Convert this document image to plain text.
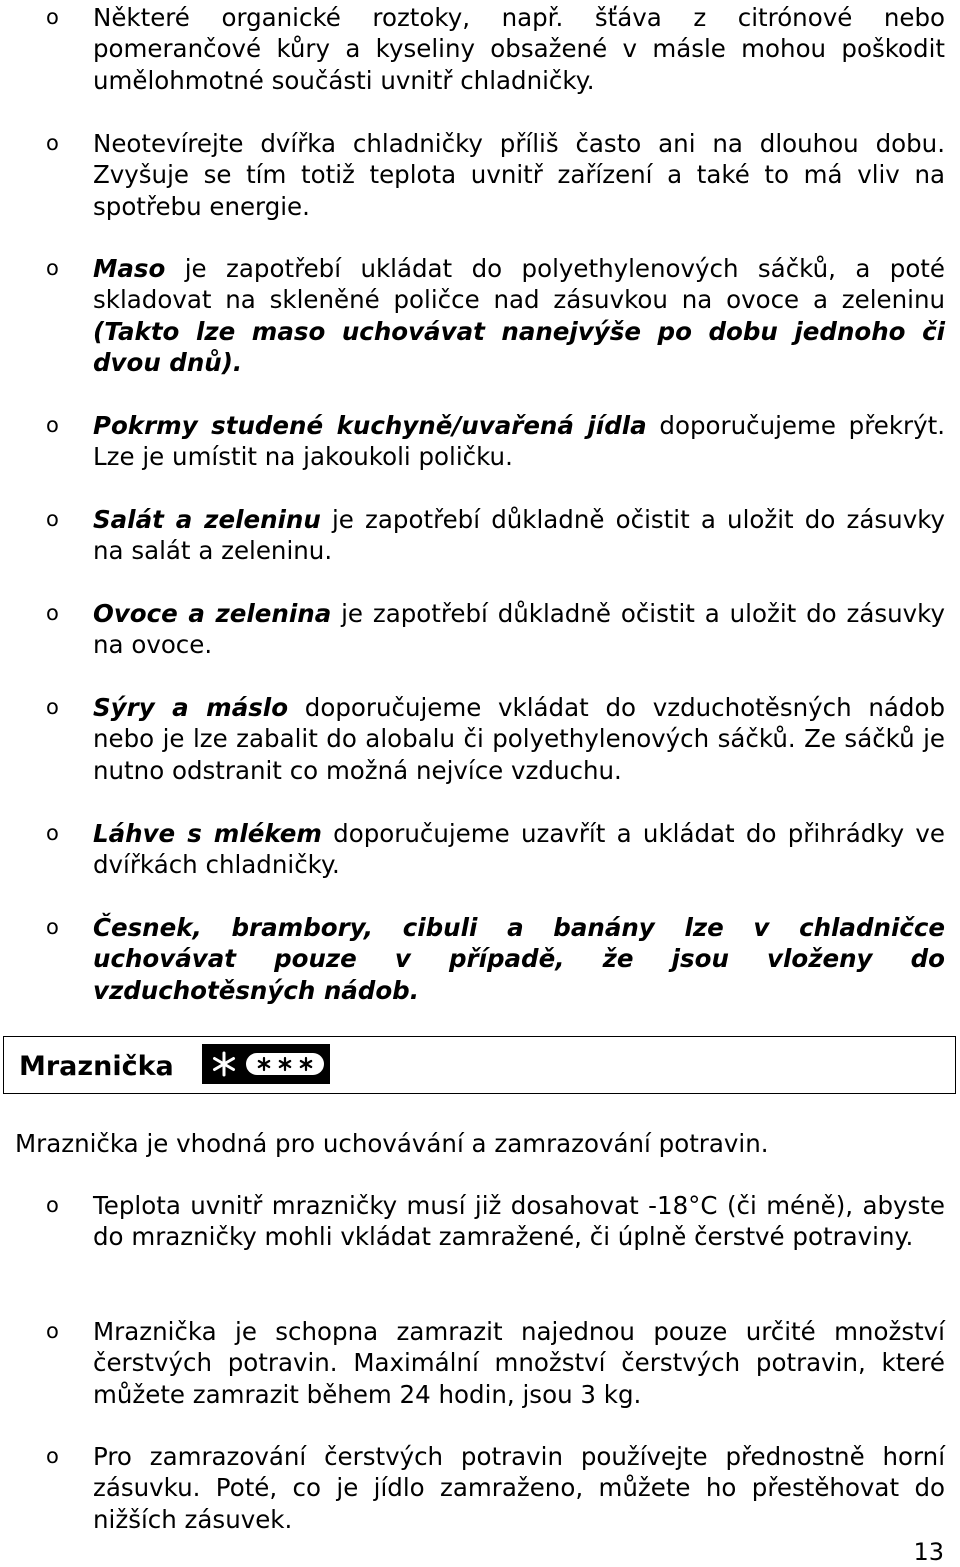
o Některé organické roztoky, např. šťáva z citrónové nebo pomerančové kůry a kyseliny obsažené v másle mohou poškodit umělohmotné součásti uvnitř chladničky.
o Neotevírejte dvířka chladničky příliš často ani na dlouhou dobu. Zvyšuje se tím totiž teplota uvnitř zařízení a také to má vliv na spotřebu energie.
o Maso je zapotřebí ukládat do polyethylenových sáčků, a poté skladovat na skleněné poličce nad zásuvkou na ovoce a zeleninu (Takto lze maso uchovávat nanejvýše po dobu jednoho či dvou dnů).
o Pokrmy studené kuchyně/uvařená jídla doporučujeme překrýt. Lze je umístit na jakoukoli poličku.
o Salát a zeleninu je zapotřebí důkladně očistit a uložit do zásuvky na salát a zeleninu.
o Ovoce a zelenina je zapotřebí důkladně očistit a uložit do zásuvky na ovoce.
o Sýry a máslo doporučujeme vkládat do vzduchotěsných nádob nebo je lze zabalit do alobalu či polyethylenových sáčků. Ze sáčků je nutno odstranit co možná nejvíce vzduchu.
o Láhve s mlékem doporučujeme uzavřít a ukládat do přihrádky ve dvířkách chladničky.
o Česnek, brambory, cibuli a banány lze v chladničce uchovávat pouze v případě, že jsou vloženy do vzduchotěsných nádob.
Mraznička
Mraznička je vhodná pro uchovávání a zamrazování potravin.
o Teplota uvnitř mrazničky musí již dosahovat -18°C (či méně), abyste do mrazničky mohli vkládat zamražené, či úplně čerstvé potraviny.
o Mraznička je schopna zamrazit najednou pouze určité množství čerstvých potravin. Maximální množství čerstvých potravin, které můžete zamrazit během 24 hodin, jsou 3 kg.
o Pro zamrazování čerstvých potravin používejte přednostně horní zásuvku. Poté, co je jídlo zamraženo, můžete ho přestěhovat do nižších zásuvek.
13
